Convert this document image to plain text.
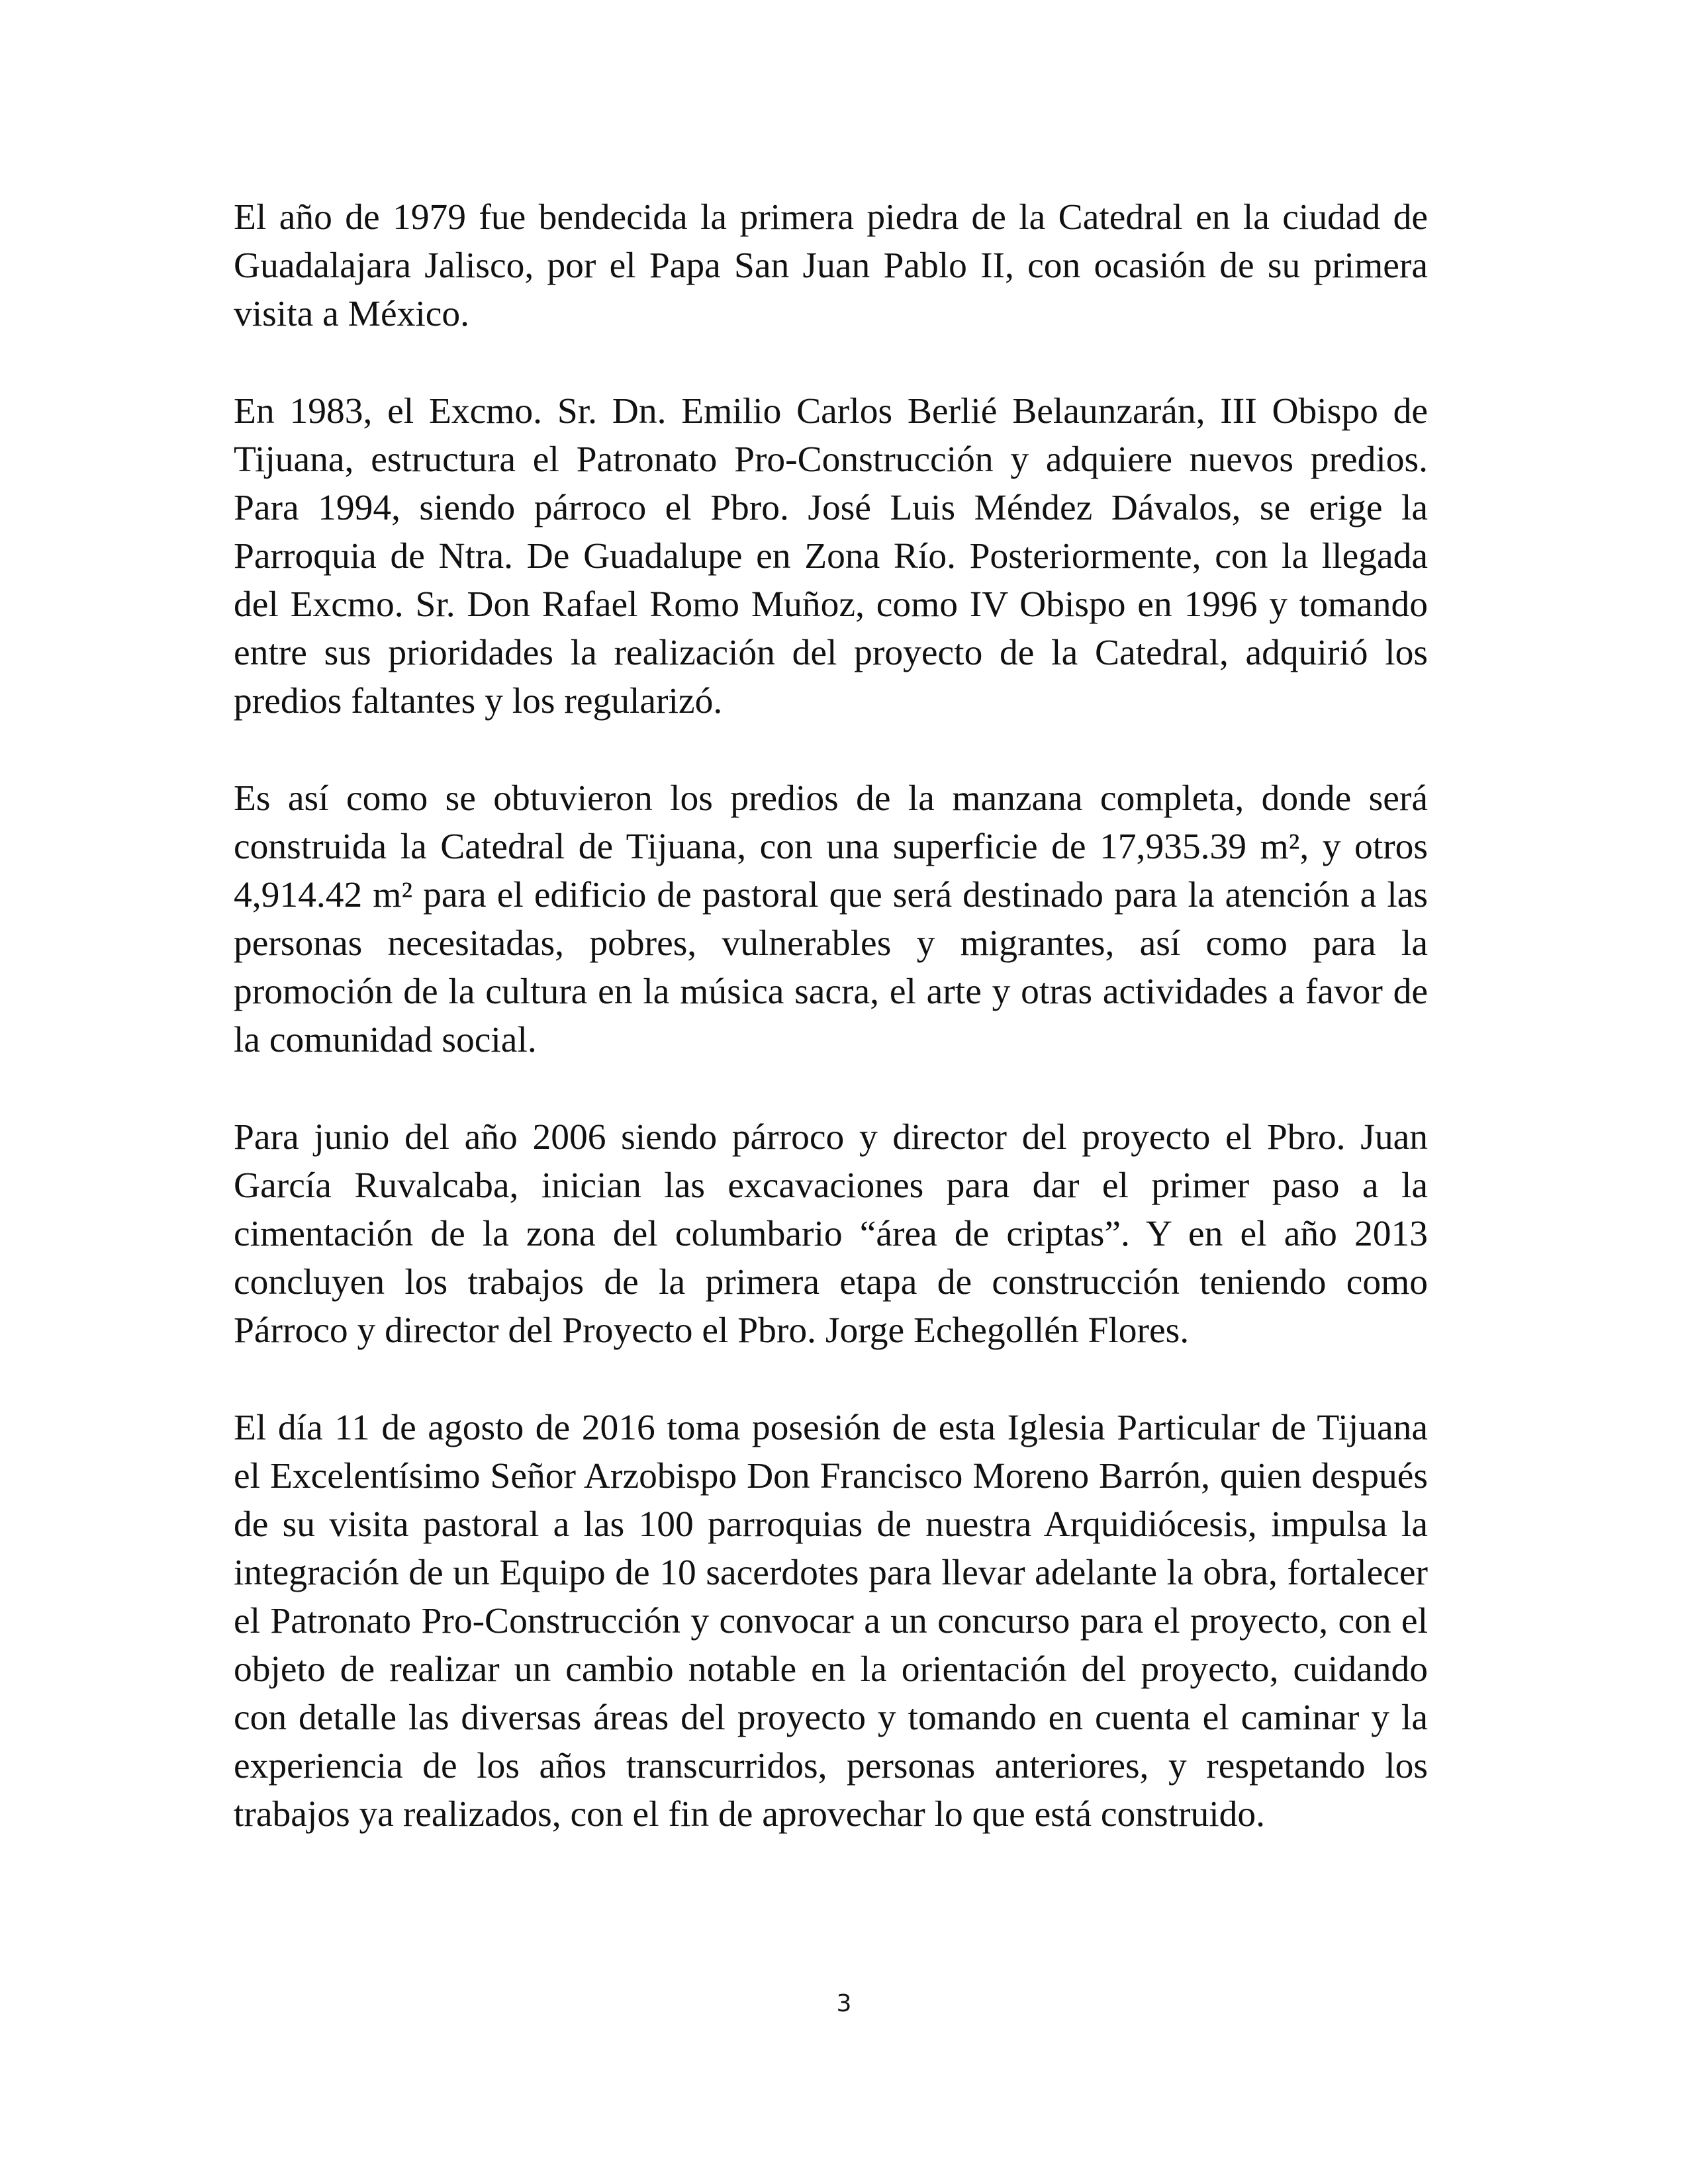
El año de 1979 fue bendecida la primera piedra de la Catedral en la ciudad de Guadalajara Jalisco, por el Papa San Juan Pablo II, con ocasión de su primera visita a México.

En 1983, el Excmo. Sr. Dn. Emilio Carlos Berlié Belaunzarán, III Obispo de Tijuana, estructura el Patronato Pro-Construcción y adquiere nuevos predios. Para 1994, siendo párroco el Pbro. José Luis Méndez Dávalos, se erige la Parroquia de Ntra. De Guadalupe en Zona Río. Posteriormente, con la llegada del Excmo. Sr. Don Rafael Romo Muñoz, como IV Obispo en 1996 y tomando entre sus prioridades la realización del proyecto de la Catedral, adquirió los predios faltantes y los regularizó.

Es así como se obtuvieron los predios de la manzana completa, donde será construida la Catedral de Tijuana, con una superficie de 17,935.39 m², y otros 4,914.42 m² para el edificio de pastoral que será destinado para la atención a las personas necesitadas, pobres, vulnerables y migrantes, así como para la promoción de la cultura en la música sacra, el arte y otras actividades a favor de la comunidad social.

Para junio del año 2006 siendo párroco y director del proyecto el Pbro. Juan García Ruvalcaba, inician las excavaciones para dar el primer paso a la cimentación de la zona del columbario “área de criptas”. Y en el año 2013 concluyen los trabajos de la primera etapa de construcción teniendo como Párroco y director del Proyecto el Pbro. Jorge Echegollén Flores.

El día 11 de agosto de 2016 toma posesión de esta Iglesia Particular de Tijuana el Excelentísimo Señor Arzobispo Don Francisco Moreno Barrón, quien después de su visita pastoral a las 100 parroquias de nuestra Arquidiócesis, impulsa la integración de un Equipo de 10 sacerdotes para llevar adelante la obra, fortalecer el Patronato Pro-Construcción y convocar a un concurso para el proyecto, con el objeto de realizar un cambio notable en la orientación del proyecto, cuidando con detalle las diversas áreas del proyecto y tomando en cuenta el caminar y la experiencia de los años transcurridos, personas anteriores, y respetando los trabajos ya realizados, con el fin de aprovechar lo que está construido.

3
